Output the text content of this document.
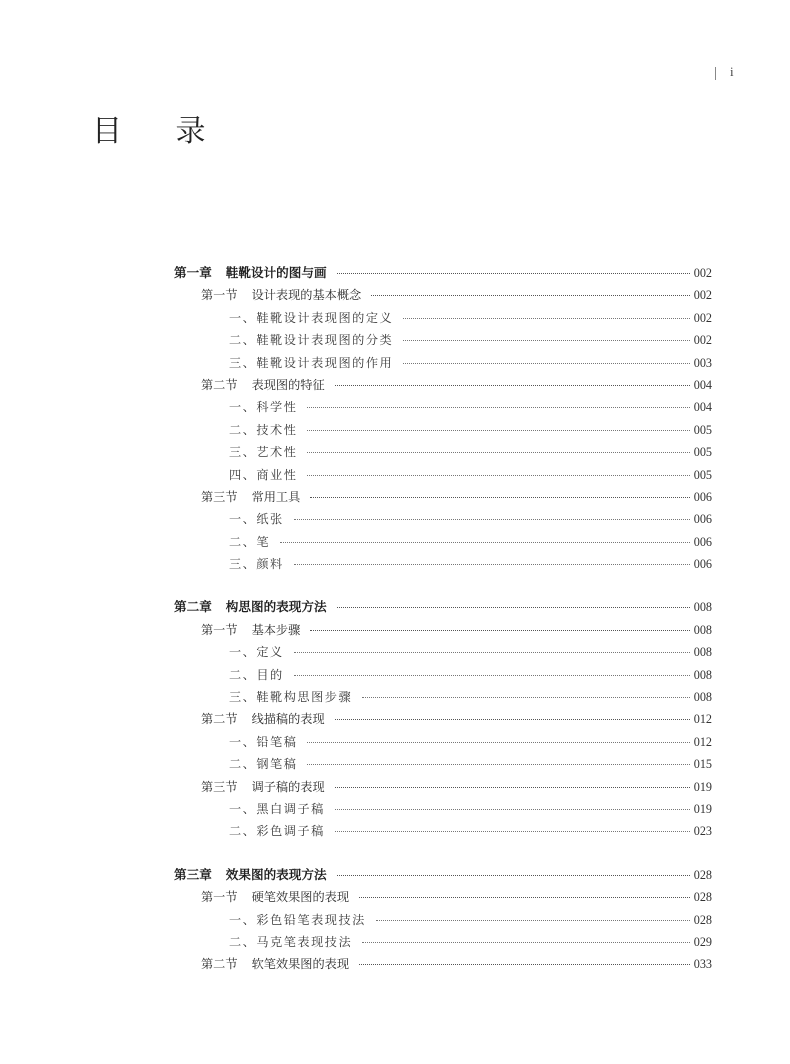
i
目 录
第一章 鞋靴设计的图与画	002
第一节 设计表现的基本概念	002
一、鞋靴设计表现图的定义	002
二、鞋靴设计表现图的分类	002
三、鞋靴设计表现图的作用	003
第二节 表现图的特征	004
一、科学性	004
二、技术性	005
三、艺术性	005
四、商业性	005
第三节 常用工具	006
一、纸张	006
二、笔	006
三、颜料	006
第二章 构思图的表现方法	008
第一节 基本步骤	008
一、定义	008
二、目的	008
三、鞋靴构思图步骤	008
第二节 线描稿的表现	012
一、铅笔稿	012
二、钢笔稿	015
第三节 调子稿的表现	019
一、黑白调子稿	019
二、彩色调子稿	023
第三章 效果图的表现方法	028
第一节 硬笔效果图的表现	028
一、彩色铅笔表现技法	028
二、马克笔表现技法	029
第二节 软笔效果图的表现	033
